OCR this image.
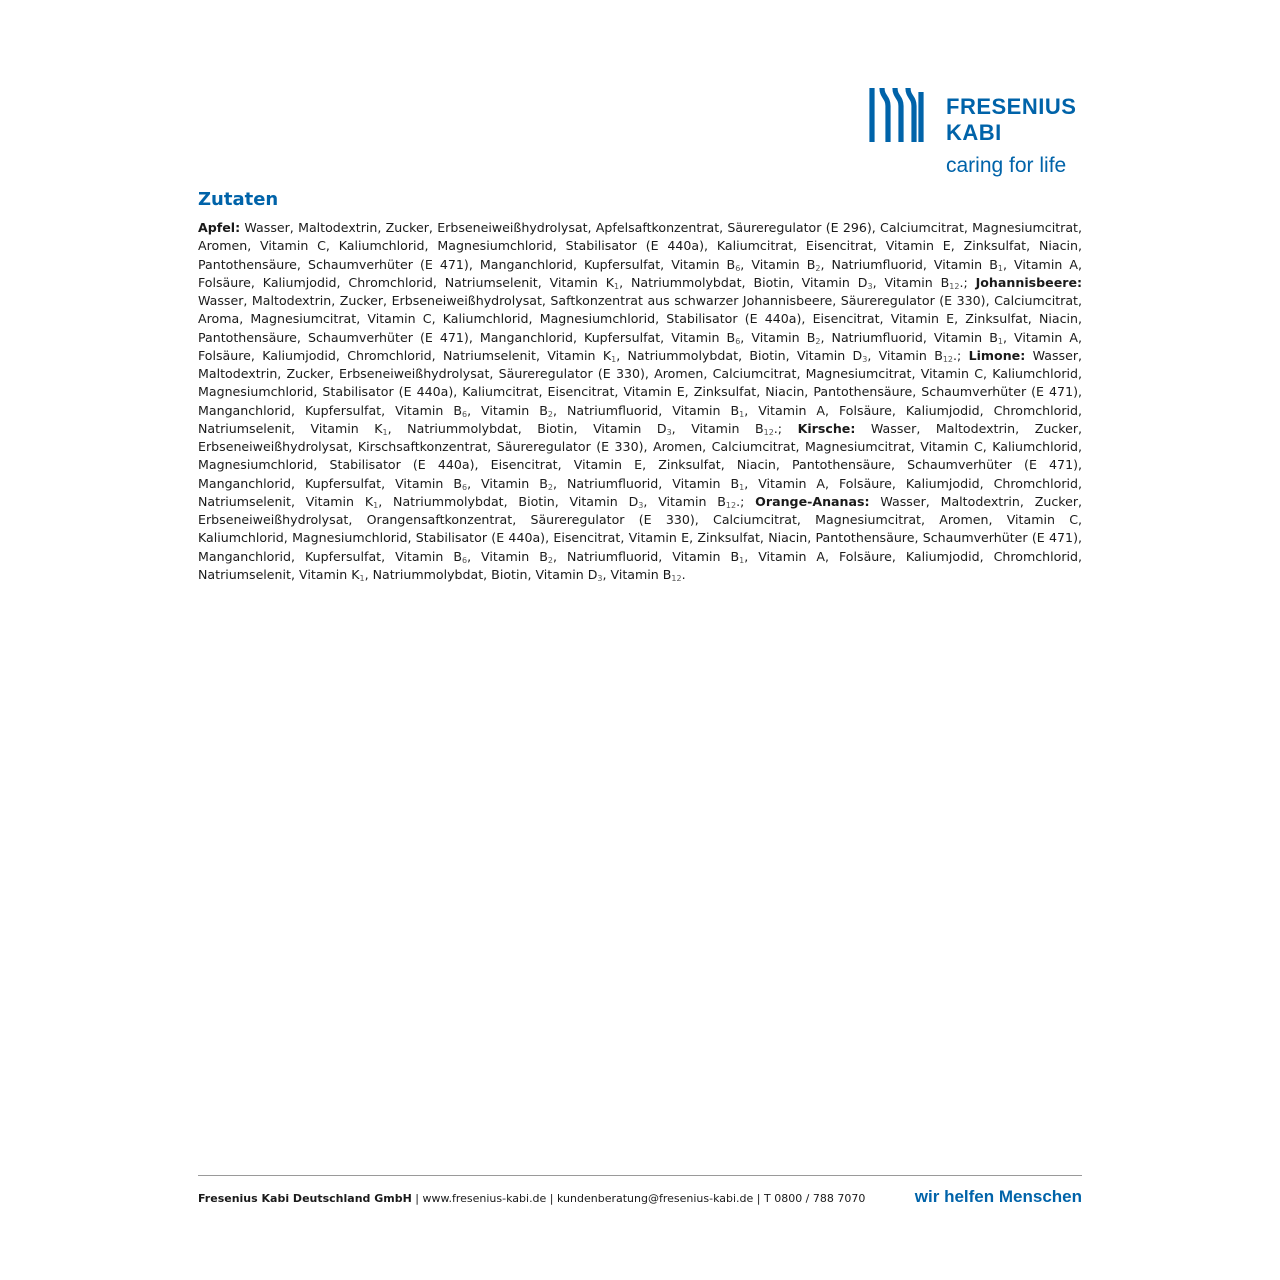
FRESENIUS
KABI
caring for life
Zutaten

Apfel: Wasser, Maltodextrin, Zucker, Erbseneiweißhydrolysat, Apfelsaftkonzentrat, Säureregulator (E 296), Calciumcitrat, Magnesiumcitrat, Aromen, Vitamin C, Kaliumchlorid, Magnesiumchlorid, Stabilisator (E 440a), Kaliumcitrat, Eisencitrat, Vitamin E, Zinksulfat, Niacin, Pantothensäure, Schaumverhüter (E 471), Manganchlorid, Kupfersulfat, Vitamin $B_6$, Vitamin $B_2$, Natriumfluorid, Vitamin $B_1$, Vitamin A, Folsäure, Kaliumjodid, Chromchlorid, Natriumselenit, Vitamin $K_1$, Natriummolybdat, Biotin, Vitamin $D_3$, Vitamin $B_{12}$.; Johannisbeere: Wasser, Maltodextrin, Zucker, Erbseneiweißhydrolysat, Saftkonzentrat aus schwarzer Johannisbeere, Säureregulator (E 330), Calciumcitrat, Aroma, Magnesiumcitrat, Vitamin C, Kaliumchlorid, Magnesiumchlorid, Stabilisator (E 440a), Eisencitrat, Vitamin E, Zinksulfat, Niacin, Pantothensäure, Schaumverhüter (E 471), Manganchlorid, Kupfersulfat, Vitamin $B_6$, Vitamin $B_2$, Natriumfluorid, Vitamin $B_1$, Vitamin A, Folsäure, Kaliumjodid, Chromchlorid, Natriumselenit, Vitamin $K_1$, Natriummolybdat, Biotin, Vitamin $D_3$, Vitamin $B_{12}$.; Limone: Wasser, Maltodextrin, Zucker, Erbseneiweißhydrolysat, Säureregulator (E 330), Aromen, Calciumcitrat, Magnesiumcitrat, Vitamin C, Kaliumchlorid, Magnesiumchlorid, Stabilisator (E 440a), Kaliumcitrat, Eisencitrat, Vitamin E, Zinksulfat, Niacin, Pantothensäure, Schaumverhüter (E 471), Manganchlorid, Kupfersulfat, Vitamin $B_6$, Vitamin $B_2$, Natriumfluorid, Vitamin $B_1$, Vitamin A, Folsäure, Kaliumjodid, Chromchlorid, Natriumselenit, Vitamin $K_1$, Natriummolybdat, Biotin, Vitamin $D_3$, Vitamin $B_{12}$.; Kirsche: Wasser, Maltodextrin, Zucker, Erbseneiweißhydrolysat, Kirschsaftkonzentrat, Säureregulator (E 330), Aromen, Calciumcitrat, Magnesiumcitrat, Vitamin C, Kaliumchlorid, Magnesiumchlorid, Stabilisator (E 440a), Eisencitrat, Vitamin E, Zinksulfat, Niacin, Pantothensäure, Schaumverhüter (E 471), Manganchlorid, Kupfersulfat, Vitamin $B_6$, Vitamin $B_2$, Natriumfluorid, Vitamin $B_1$, Vitamin A, Folsäure, Kaliumjodid, Chromchlorid, Natriumselenit, Vitamin $K_1$, Natriummolybdat, Biotin, Vitamin $D_3$, Vitamin $B_{12}$.; Orange-Ananas: Wasser, Maltodextrin, Zucker, Erbseneiweißhydrolysat, Orangensaftkonzentrat, Säureregulator (E 330), Calciumcitrat, Magnesiumcitrat, Aromen, Vitamin C, Kaliumchlorid, Magnesiumchlorid, Stabilisator (E 440a), Eisencitrat, Vitamin E, Zinksulfat, Niacin, Pantothensäure, Schaumverhüter (E 471), Manganchlorid, Kupfersulfat, Vitamin $B_6$, Vitamin $B_2$, Natriumfluorid, Vitamin $B_1$, Vitamin A, Folsäure, Kaliumjodid, Chromchlorid, Natriumselenit, Vitamin $K_1$, Natriummolybdat, Biotin, Vitamin $D_3$, Vitamin $B_{12}$.

Fresenius Kabi Deutschland GmbH | www.fresenius-kabi.de | kundenberatung@fresenius-kabi.de | T 0800 / 788 7070	wir helfen Menschen
